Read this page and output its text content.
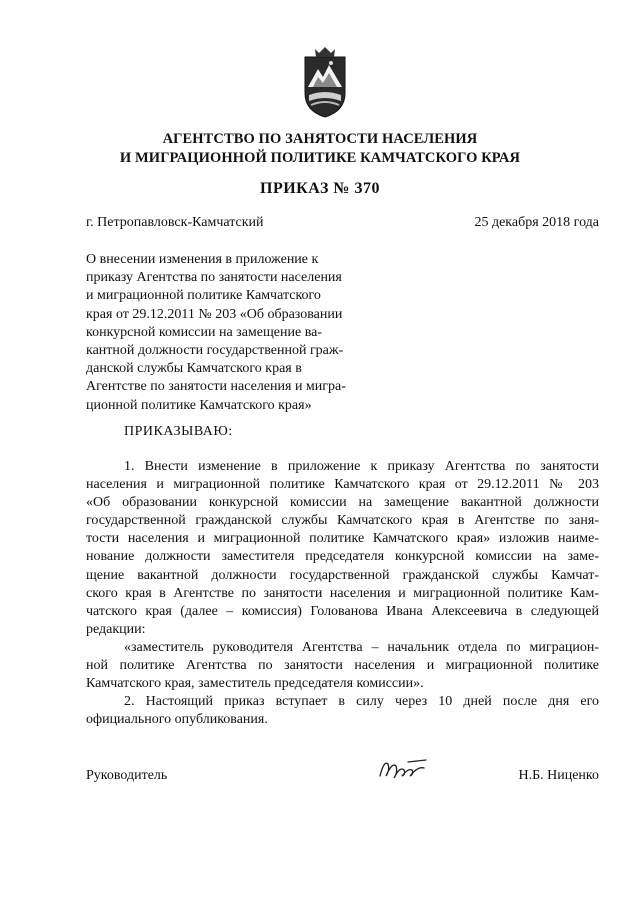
АГЕНТСТВО ПО ЗАНЯТОСТИ НАСЕЛЕНИЯ
И МИГРАЦИОННОЙ ПОЛИТИКЕ КАМЧАТСКОГО КРАЯ
ПРИКАЗ № 370
г. Петропавловск-Камчатский	25 декабря 2018 года
О внесении изменения в приложение к
приказу Агентства по занятости населения
и миграционной политике Камчатского
края от 29.12.2011 № 203 «Об образовании
конкурсной комиссии на замещение ва-
кантной должности государственной граж-
данской службы Камчатского края в
Агентстве по занятости населения и мигра-
ционной политике Камчатского края»
ПРИКАЗЫВАЮ:
1. Внести изменение в приложение к приказу Агентства по занятости
населения и миграционной политике Камчатского края от 29.12.2011 № 203
«Об образовании конкурсной комиссии на замещение вакантной должности
государственной гражданской службы Камчатского края в Агентстве по заня-
тости населения и миграционной политике Камчатского края» изложив наиме-
нование должности заместителя председателя конкурсной комиссии на заме-
щение вакантной должности государственной гражданской службы Камчат-
ского края в Агентстве по занятости населения и миграционной политике Кам-
чатского края (далее – комиссия) Голованова Ивана Алексеевича в следующей
редакции:
«заместитель руководителя Агентства – начальник отдела по миграцион-
ной политике Агентства по занятости населения и миграционной политике
Камчатского края, заместитель председателя комиссии».
2. Настоящий приказ вступает в силу через 10 дней после дня его
официального опубликования.
Руководитель	Н.Б. Ниценко
